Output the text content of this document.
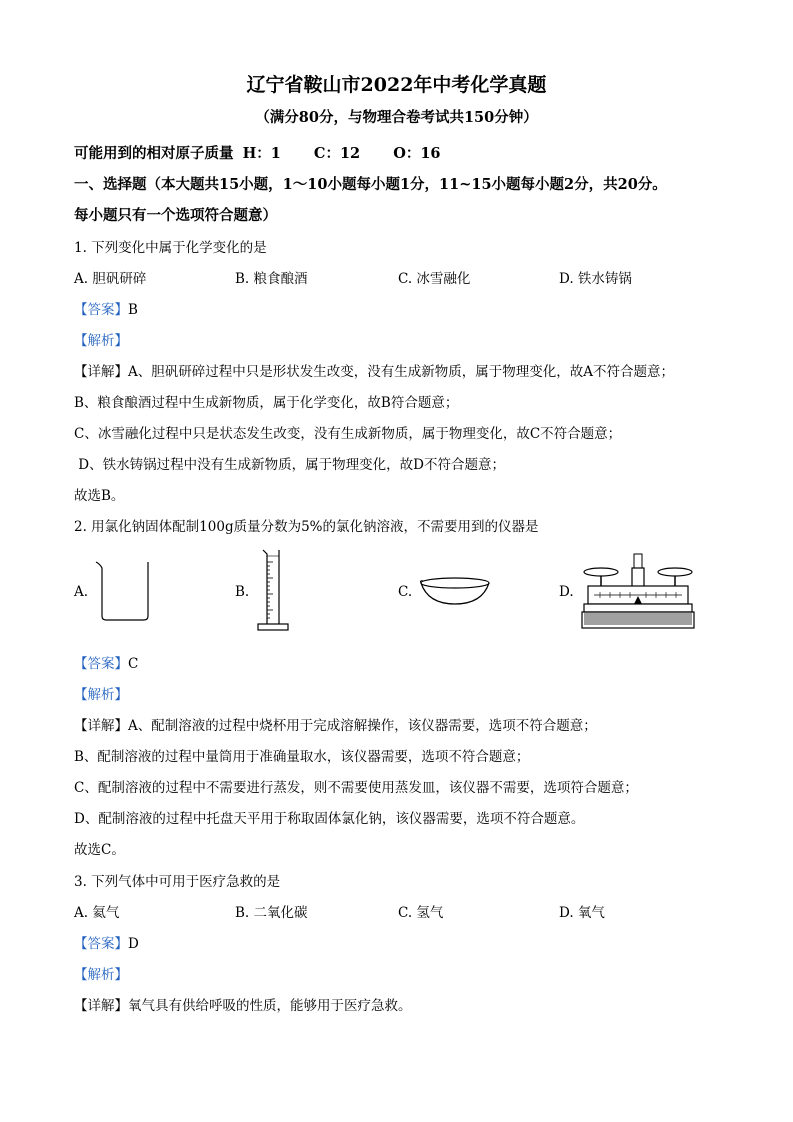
辽宁省鞍山市2022年中考化学真题
（满分80分，与物理合卷考试共150分钟）
可能用到的相对原子质量 H：1 C：12 O：16
一、选择题（本大题共15小题，1～10小题每小题1分，11~15小题每小题2分，共20分。
每小题只有一个选项符合题意）
1. 下列变化中属于化学变化的是
A. 胆矾研碎	B. 粮食酿酒	C. 冰雪融化	D. 铁水铸锅
【答案】B
【解析】
【详解】A、胆矾研碎过程中只是形状发生改变，没有生成新物质，属于物理变化，故A不符合题意；
B、粮食酿酒过程中生成新物质，属于化学变化，故B符合题意；
C、冰雪融化过程中只是状态发生改变，没有生成新物质，属于物理变化，故C不符合题意；
D、铁水铸锅过程中没有生成新物质，属于物理变化，故D不符合题意；
故选B。
2. 用氯化钠固体配制100g质量分数为5%的氯化钠溶液，不需要用到的仪器是
A.	B.	C.	D.
【答案】C
【解析】
【详解】A、配制溶液的过程中烧杯用于完成溶解操作，该仪器需要，选项不符合题意；
B、配制溶液的过程中量筒用于准确量取水，该仪器需要，选项不符合题意；
C、配制溶液的过程中不需要进行蒸发，则不需要使用蒸发皿，该仪器不需要，选项符合题意；
D、配制溶液的过程中托盘天平用于称取固体氯化钠，该仪器需要，选项不符合题意。
故选C。
3. 下列气体中可用于医疗急救的是
A. 氦气	B. 二氧化碳	C. 氢气	D. 氧气
【答案】D
【解析】
【详解】氧气具有供给呼吸的性质，能够用于医疗急救。
